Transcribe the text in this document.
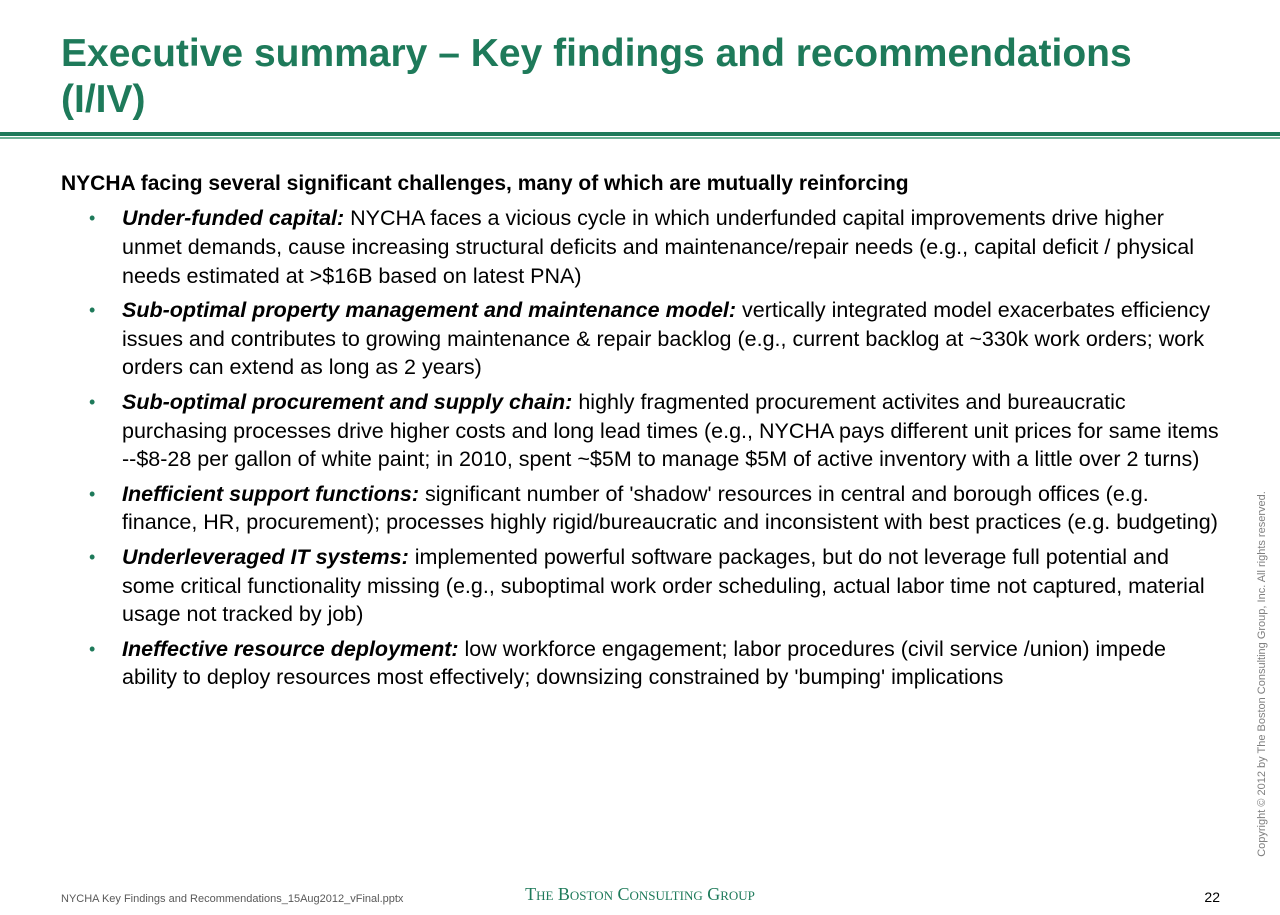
Executive summary – Key findings and recommendations (I/IV)

NYCHA facing several significant challenges, many of which are mutually reinforcing

• Under-funded capital: NYCHA faces a vicious cycle in which underfunded capital improvements drive higher unmet demands, cause increasing structural deficits and maintenance/repair needs (e.g., capital deficit / physical needs estimated at >$16B based on latest PNA)
• Sub-optimal property management and maintenance model: vertically integrated model exacerbates efficiency issues and contributes to growing maintenance & repair backlog (e.g., current backlog at ~330k work orders; work orders can extend as long as 2 years)
• Sub-optimal procurement and supply chain: highly fragmented procurement activites and bureaucratic purchasing processes drive higher costs and long lead times (e.g., NYCHA pays different unit prices for same items --$8-28 per gallon of white paint; in 2010, spent ~$5M to manage $5M of active inventory with a little over 2 turns)
• Inefficient support functions: significant number of 'shadow' resources in central and borough offices (e.g. finance, HR, procurement); processes highly rigid/bureaucratic and inconsistent with best practices (e.g. budgeting)
• Underleveraged IT systems: implemented powerful software packages, but do not leverage full potential and some critical functionality missing (e.g., suboptimal work order scheduling, actual labor time not captured, material usage not tracked by job)
• Ineffective resource deployment: low workforce engagement; labor procedures (civil service /union) impede ability to deploy resources most effectively; downsizing constrained by 'bumping' implications	Copyright © 2012 by The Boston Consulting Group, Inc. All rights reserved.
NYCHA Key Findings and Recommendations_15Aug2012_vFinal.pptx	The Boston Consulting Group	22
